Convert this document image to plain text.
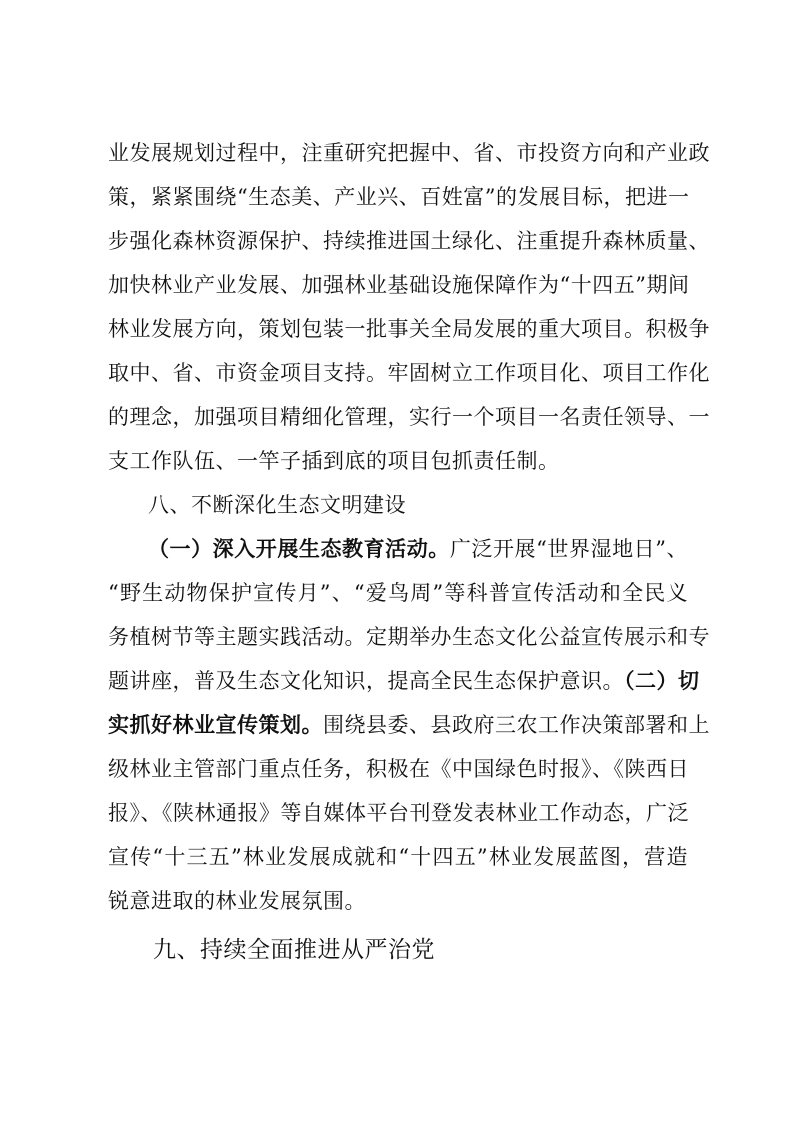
业发展规划过程中，注重研究把握中、省、市投资方向和产业政
策，紧紧围绕“生态美、产业兴、百姓富”的发展目标，把进一
步强化森林资源保护、持续推进国土绿化、注重提升森林质量、
加快林业产业发展、加强林业基础设施保障作为“十四五”期间
林业发展方向，策划包装一批事关全局发展的重大项目。积极争
取中、省、市资金项目支持。牢固树立工作项目化、项目工作化
的理念，加强项目精细化管理，实行一个项目一名责任领导、一
支工作队伍、一竿子插到底的项目包抓责任制。
八、不断深化生态文明建设
（一）深入开展生态教育活动。广泛开展“世界湿地日”、
“野生动物保护宣传月”、“爱鸟周”等科普宣传活动和全民义
务植树节等主题实践活动。定期举办生态文化公益宣传展示和专
题讲座，普及生态文化知识，提高全民生态保护意识。（二）切
实抓好林业宣传策划。围绕县委、县政府三农工作决策部署和上
级林业主管部门重点任务，积极在《中国绿色时报》、《陕西日
报》、《陕林通报》等自媒体平台刊登发表林业工作动态，广泛
宣传“十三五”林业发展成就和“十四五”林业发展蓝图，营造
锐意进取的林业发展氛围。
九、持续全面推进从严治党
